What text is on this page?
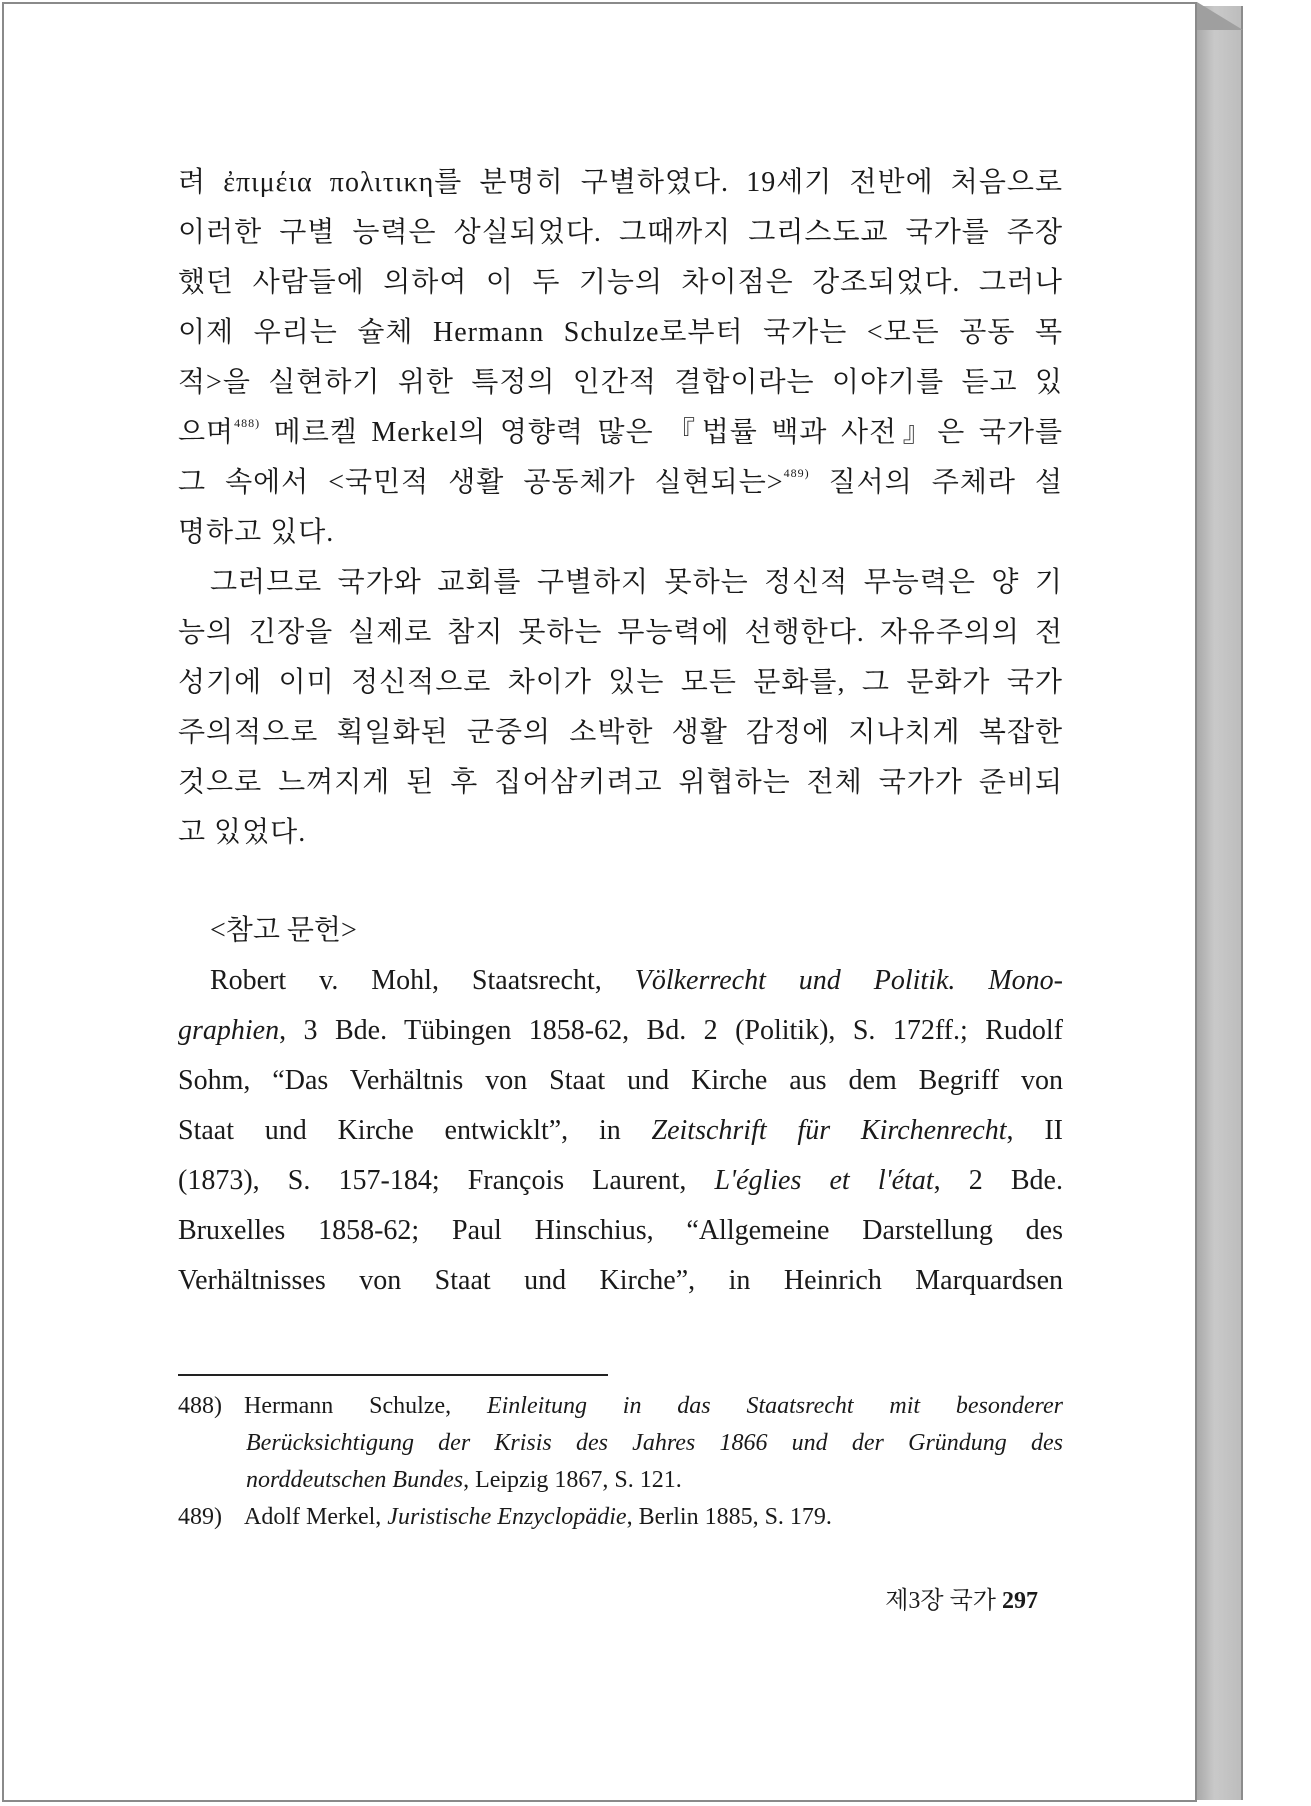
려 ἐπιμέια πολιτικη를 분명히 구별하였다. 19세기 전반에 처음으로
이러한 구별 능력은 상실되었다. 그때까지 그리스도교 국가를 주장
했던 사람들에 의하여 이 두 기능의 차이점은 강조되었다. 그러나
이제 우리는 슐체 Hermann Schulze로부터 국가는 <모든 공동 목
적>을 실현하기 위한 특정의 인간적 결합이라는 이야기를 듣고 있
으며$^{488)}$ 메르켈 Merkel의 영향력 많은 『법률 백과 사전』은 국가를
그 속에서 <국민적 생활 공동체가 실현되는>$^{489)}$ 질서의 주체라 설
명하고 있다.
그러므로 국가와 교회를 구별하지 못하는 정신적 무능력은 양 기
능의 긴장을 실제로 참지 못하는 무능력에 선행한다. 자유주의의 전
성기에 이미 정신적으로 차이가 있는 모든 문화를, 그 문화가 국가
주의적으로 획일화된 군중의 소박한 생활 감정에 지나치게 복잡한
것으로 느껴지게 된 후 집어삼키려고 위협하는 전체 국가가 준비되
고 있었다.
<참고 문헌>
Robert v. Mohl, Staatsrecht, Völkerrecht und Politik. Mono-
graphien, 3 Bde. Tübingen 1858-62, Bd. 2 (Politik), S. 172ff.; Rudolf
Sohm, “Das Verhältnis von Staat und Kirche aus dem Begriff von
Staat und Kirche entwicklt”, in Zeitschrift für Kirchenrecht, II
(1873), S. 157-184; François Laurent, L'églies et l'état, 2 Bde.
Bruxelles 1858-62; Paul Hinschius, “Allgemeine Darstellung des
Verhältnisses von Staat und Kirche”, in Heinrich Marquardsen
488) Hermann Schulze, Einleitung in das Staatsrecht mit besonderer
Berücksichtigung der Krisis des Jahres 1866 und der Gründung des
norddeutschen Bundes, Leipzig 1867, S. 121.
489) Adolf Merkel, Juristische Enzyclopädie, Berlin 1885, S. 179.
제3장 국가 297
